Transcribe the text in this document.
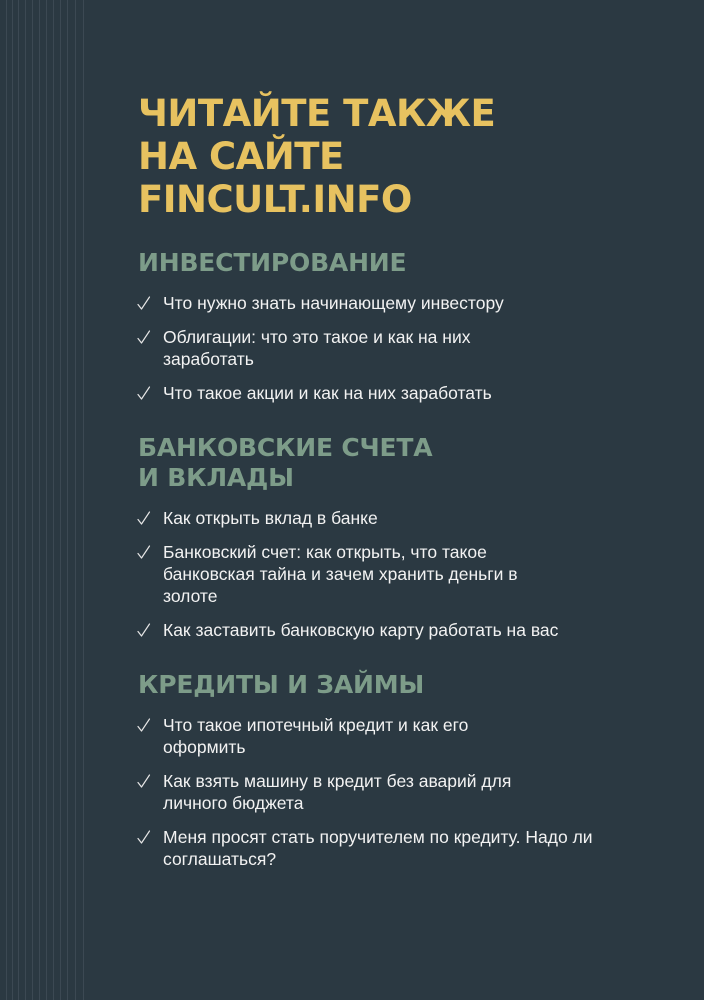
ЧИТАЙТЕ ТАКЖЕ
НА САЙТЕ
FINCULT.INFO
ИНВЕСТИРОВАНИЕ
Что нужно знать начинающему инвестору
Облигации: что это такое и как на них заработать
Что такое акции и как на них заработать
БАНКОВСКИЕ СЧЕТА
И ВКЛАДЫ
Как открыть вклад в банке
Банковский счет: как открыть, что такое банковская тайна и зачем хранить деньги в золоте
Как заставить банковскую карту работать на вас
КРЕДИТЫ И ЗАЙМЫ
Что такое ипотечный кредит и как его оформить
Как взять машину в кредит без аварий для личного бюджета
Меня просят стать поручителем по кредиту. Надо ли соглашаться?
